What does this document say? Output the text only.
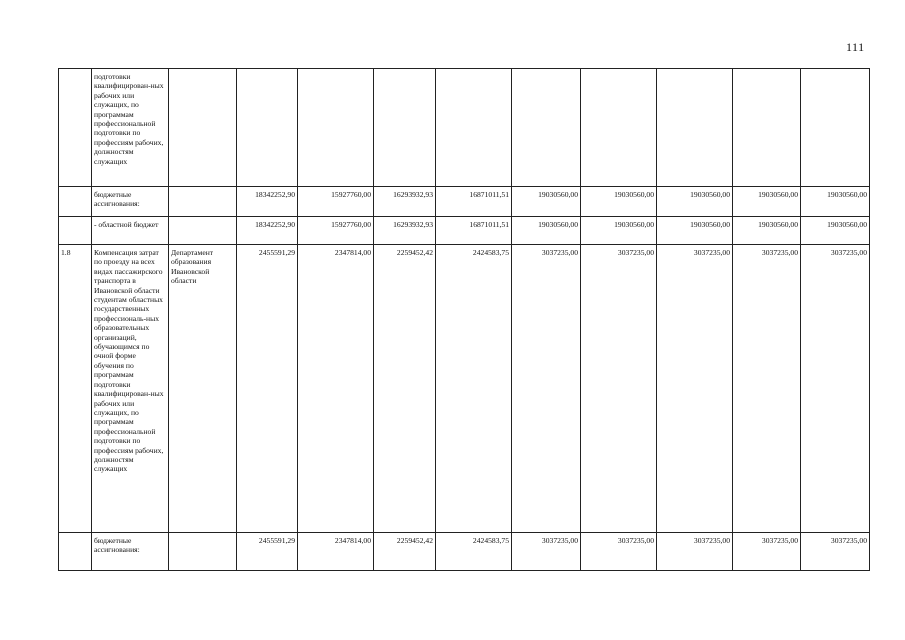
111
	подготовки квалифицирован-ных рабочих или служащих, по программам профессиональной подготовки по профессиям рабочих, должностям служащих										
	бюджетные ассигнования:		18342252,90	15927760,00	16293932,93	16871011,51	19030560,00	19030560,00	19030560,00	19030560,00	19030560,00
	- областной бюджет		18342252,90	15927760,00	16293932,93	16871011,51	19030560,00	19030560,00	19030560,00	19030560,00	19030560,00
1.8	Компенсация затрат по проезду на всех видах пассажирского транспорта в Ивановской области студентам областных государственных профессиональ-ных образовательных организаций, обучающимся по очной форме обучения по программам подготовки квалифицирован-ных рабочих или служащих, по программам профессиональной подготовки по профессиям рабочих, должностям служащих	Департамент образования Ивановской области	2455591,29	2347814,00	2259452,42	2424583,75	3037235,00	3037235,00	3037235,00	3037235,00	3037235,00
	бюджетные ассигнования:		2455591,29	2347814,00	2259452,42	2424583,75	3037235,00	3037235,00	3037235,00	3037235,00	3037235,00
